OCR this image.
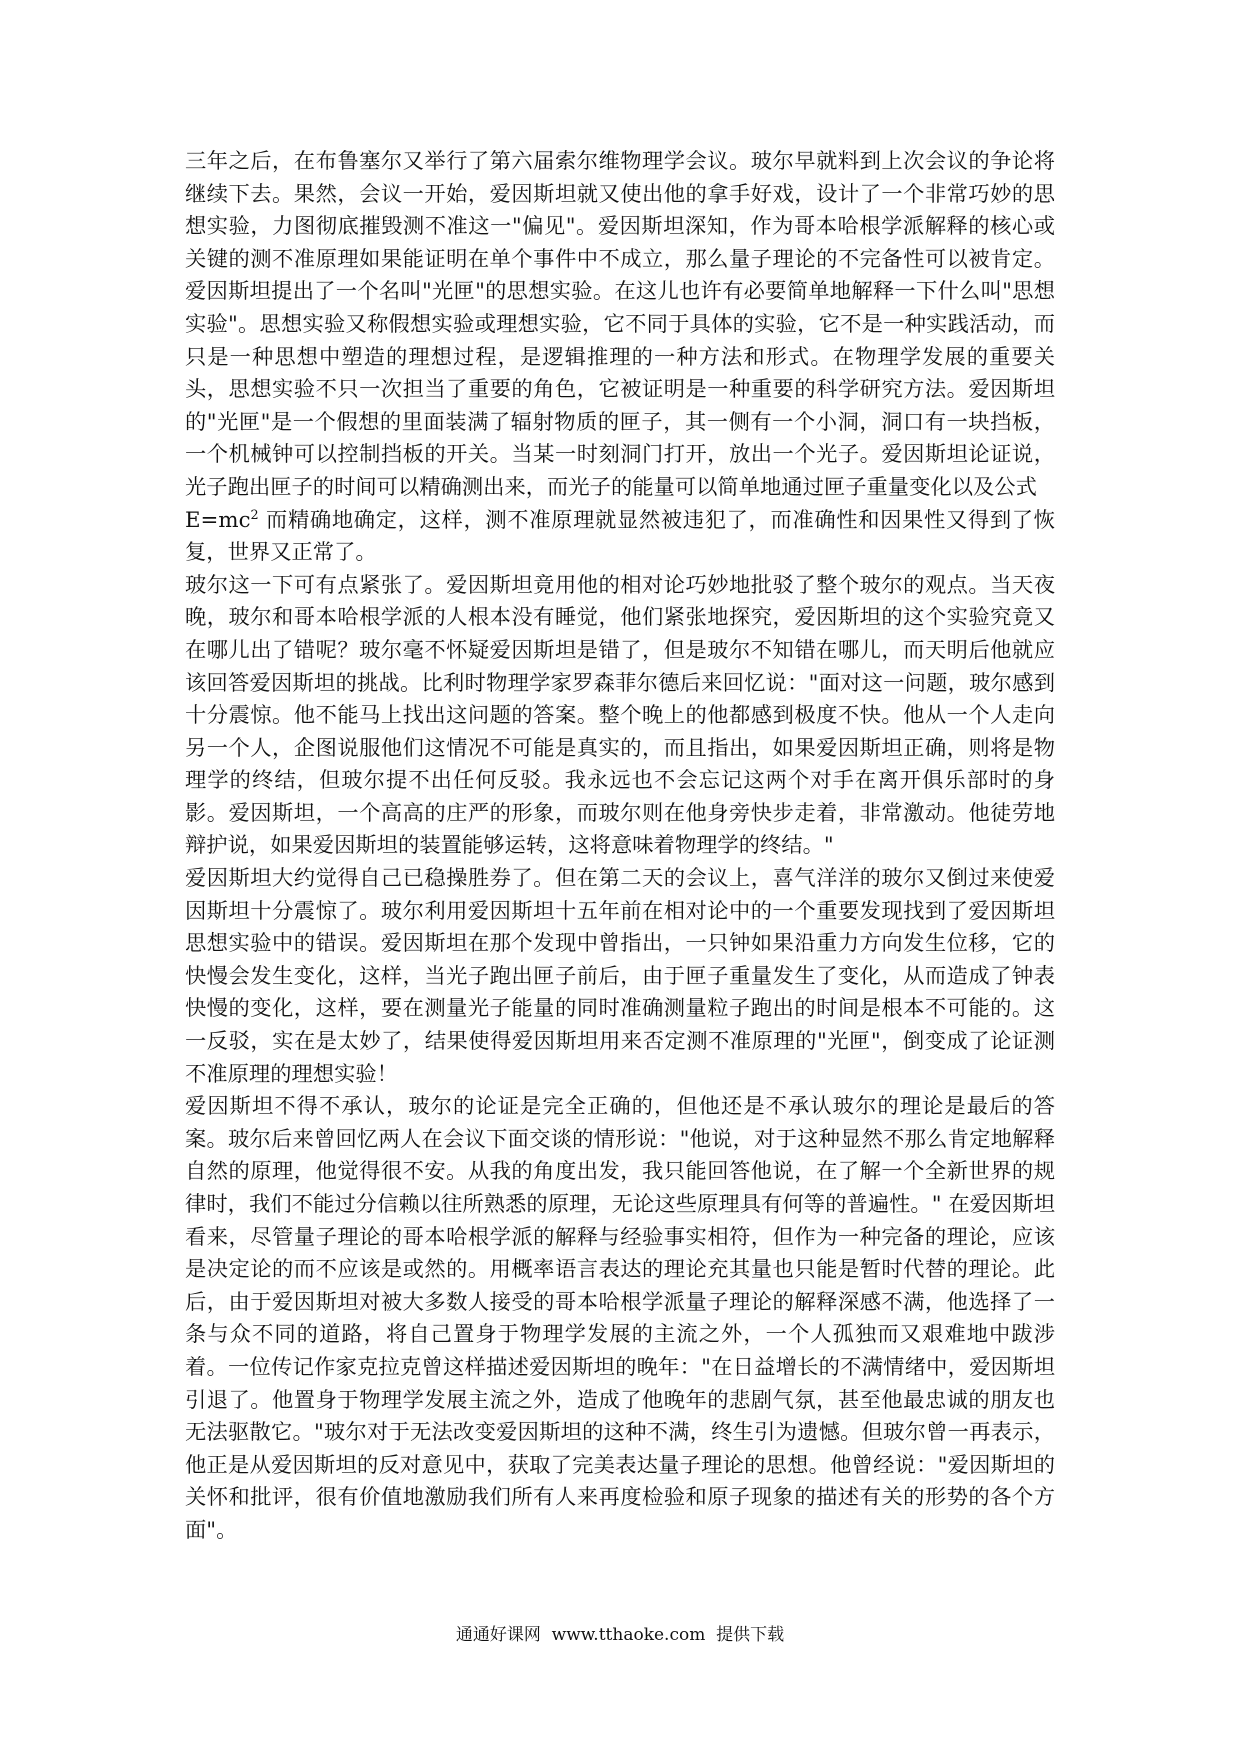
三年之后，在布鲁塞尔又举行了第六届索尔维物理学会议。玻尔早就料到上次会议的争论将继续下去。果然，会议一开始，爱因斯坦就又使出他的拿手好戏，设计了一个非常巧妙的思想实验，力图彻底摧毁测不准这一"偏见"。爱因斯坦深知，作为哥本哈根学派解释的核心或关键的测不准原理如果能证明在单个事件中不成立，那么量子理论的不完备性可以被肯定。爱因斯坦提出了一个名叫"光匣"的思想实验。在这儿也许有必要简单地解释一下什么叫"思想实验"。思想实验又称假想实验或理想实验，它不同于具体的实验，它不是一种实践活动，而只是一种思想中塑造的理想过程，是逻辑推理的一种方法和形式。在物理学发展的重要关头，思想实验不只一次担当了重要的角色，它被证明是一种重要的科学研究方法。爱因斯坦的"光匣"是一个假想的里面装满了辐射物质的匣子，其一侧有一个小洞，洞口有一块挡板，一个机械钟可以控制挡板的开关。当某一时刻洞门打开，放出一个光子。爱因斯坦论证说，光子跑出匣子的时间可以精确测出来，而光子的能量可以简单地通过匣子重量变化以及公式
$E=mc^2$ 而精确地确定，这样，测不准原理就显然被违犯了，而准确性和因果性又得到了恢复，世界又正常了。

玻尔这一下可有点紧张了。爱因斯坦竟用他的相对论巧妙地批驳了整个玻尔的观点。当天夜晚，玻尔和哥本哈根学派的人根本没有睡觉，他们紧张地探究，爱因斯坦的这个实验究竟又在哪儿出了错呢？玻尔毫不怀疑爱因斯坦是错了，但是玻尔不知错在哪儿，而天明后他就应该回答爱因斯坦的挑战。比利时物理学家罗森菲尔德后来回忆说："面对这一问题，玻尔感到十分震惊。他不能马上找出这问题的答案。整个晚上的他都感到极度不快。他从一个人走向另一个人，企图说服他们这情况不可能是真实的，而且指出，如果爱因斯坦正确，则将是物理学的终结，但玻尔提不出任何反驳。我永远也不会忘记这两个对手在离开俱乐部时的身影。爱因斯坦，一个高高的庄严的形象，而玻尔则在他身旁快步走着，非常激动。他徒劳地辩护说，如果爱因斯坦的装置能够运转，这将意味着物理学的终结。"

爱因斯坦大约觉得自己已稳操胜券了。但在第二天的会议上，喜气洋洋的玻尔又倒过来使爱因斯坦十分震惊了。玻尔利用爱因斯坦十五年前在相对论中的一个重要发现找到了爱因斯坦思想实验中的错误。爱因斯坦在那个发现中曾指出，一只钟如果沿重力方向发生位移，它的快慢会发生变化，这样，当光子跑出匣子前后，由于匣子重量发生了变化，从而造成了钟表快慢的变化，这样，要在测量光子能量的同时准确测量粒子跑出的时间是根本不可能的。这一反驳，实在是太妙了，结果使得爱因斯坦用来否定测不准原理的"光匣"，倒变成了论证测不准原理的理想实验！

爱因斯坦不得不承认，玻尔的论证是完全正确的，但他还是不承认玻尔的理论是最后的答案。玻尔后来曾回忆两人在会议下面交谈的情形说："他说，对于这种显然不那么肯定地解释自然的原理，他觉得很不安。从我的角度出发，我只能回答他说，在了解一个全新世界的规律时，我们不能过分信赖以往所熟悉的原理，无论这些原理具有何等的普遍性。" 在爱因斯坦看来，尽管量子理论的哥本哈根学派的解释与经验事实相符，但作为一种完备的理论，应该是决定论的而不应该是或然的。用概率语言表达的理论充其量也只能是暂时代替的理论。此后，由于爱因斯坦对被大多数人接受的哥本哈根学派量子理论的解释深感不满，他选择了一条与众不同的道路，将自己置身于物理学发展的主流之外，一个人孤独而又艰难地中跋涉着。一位传记作家克拉克曾这样描述爱因斯坦的晚年："在日益增长的不满情绪中，爱因斯坦引退了。他置身于物理学发展主流之外，造成了他晚年的悲剧气氛，甚至他最忠诚的朋友也无法驱散它。"玻尔对于无法改变爱因斯坦的这种不满，终生引为遗憾。但玻尔曾一再表示，他正是从爱因斯坦的反对意见中，获取了完美表达量子理论的思想。他曾经说："爱因斯坦的关怀和批评，很有价值地激励我们所有人来再度检验和原子现象的描述有关的形势的各个方面"。

通通好课网  www.tthaoke.com  提供下载
